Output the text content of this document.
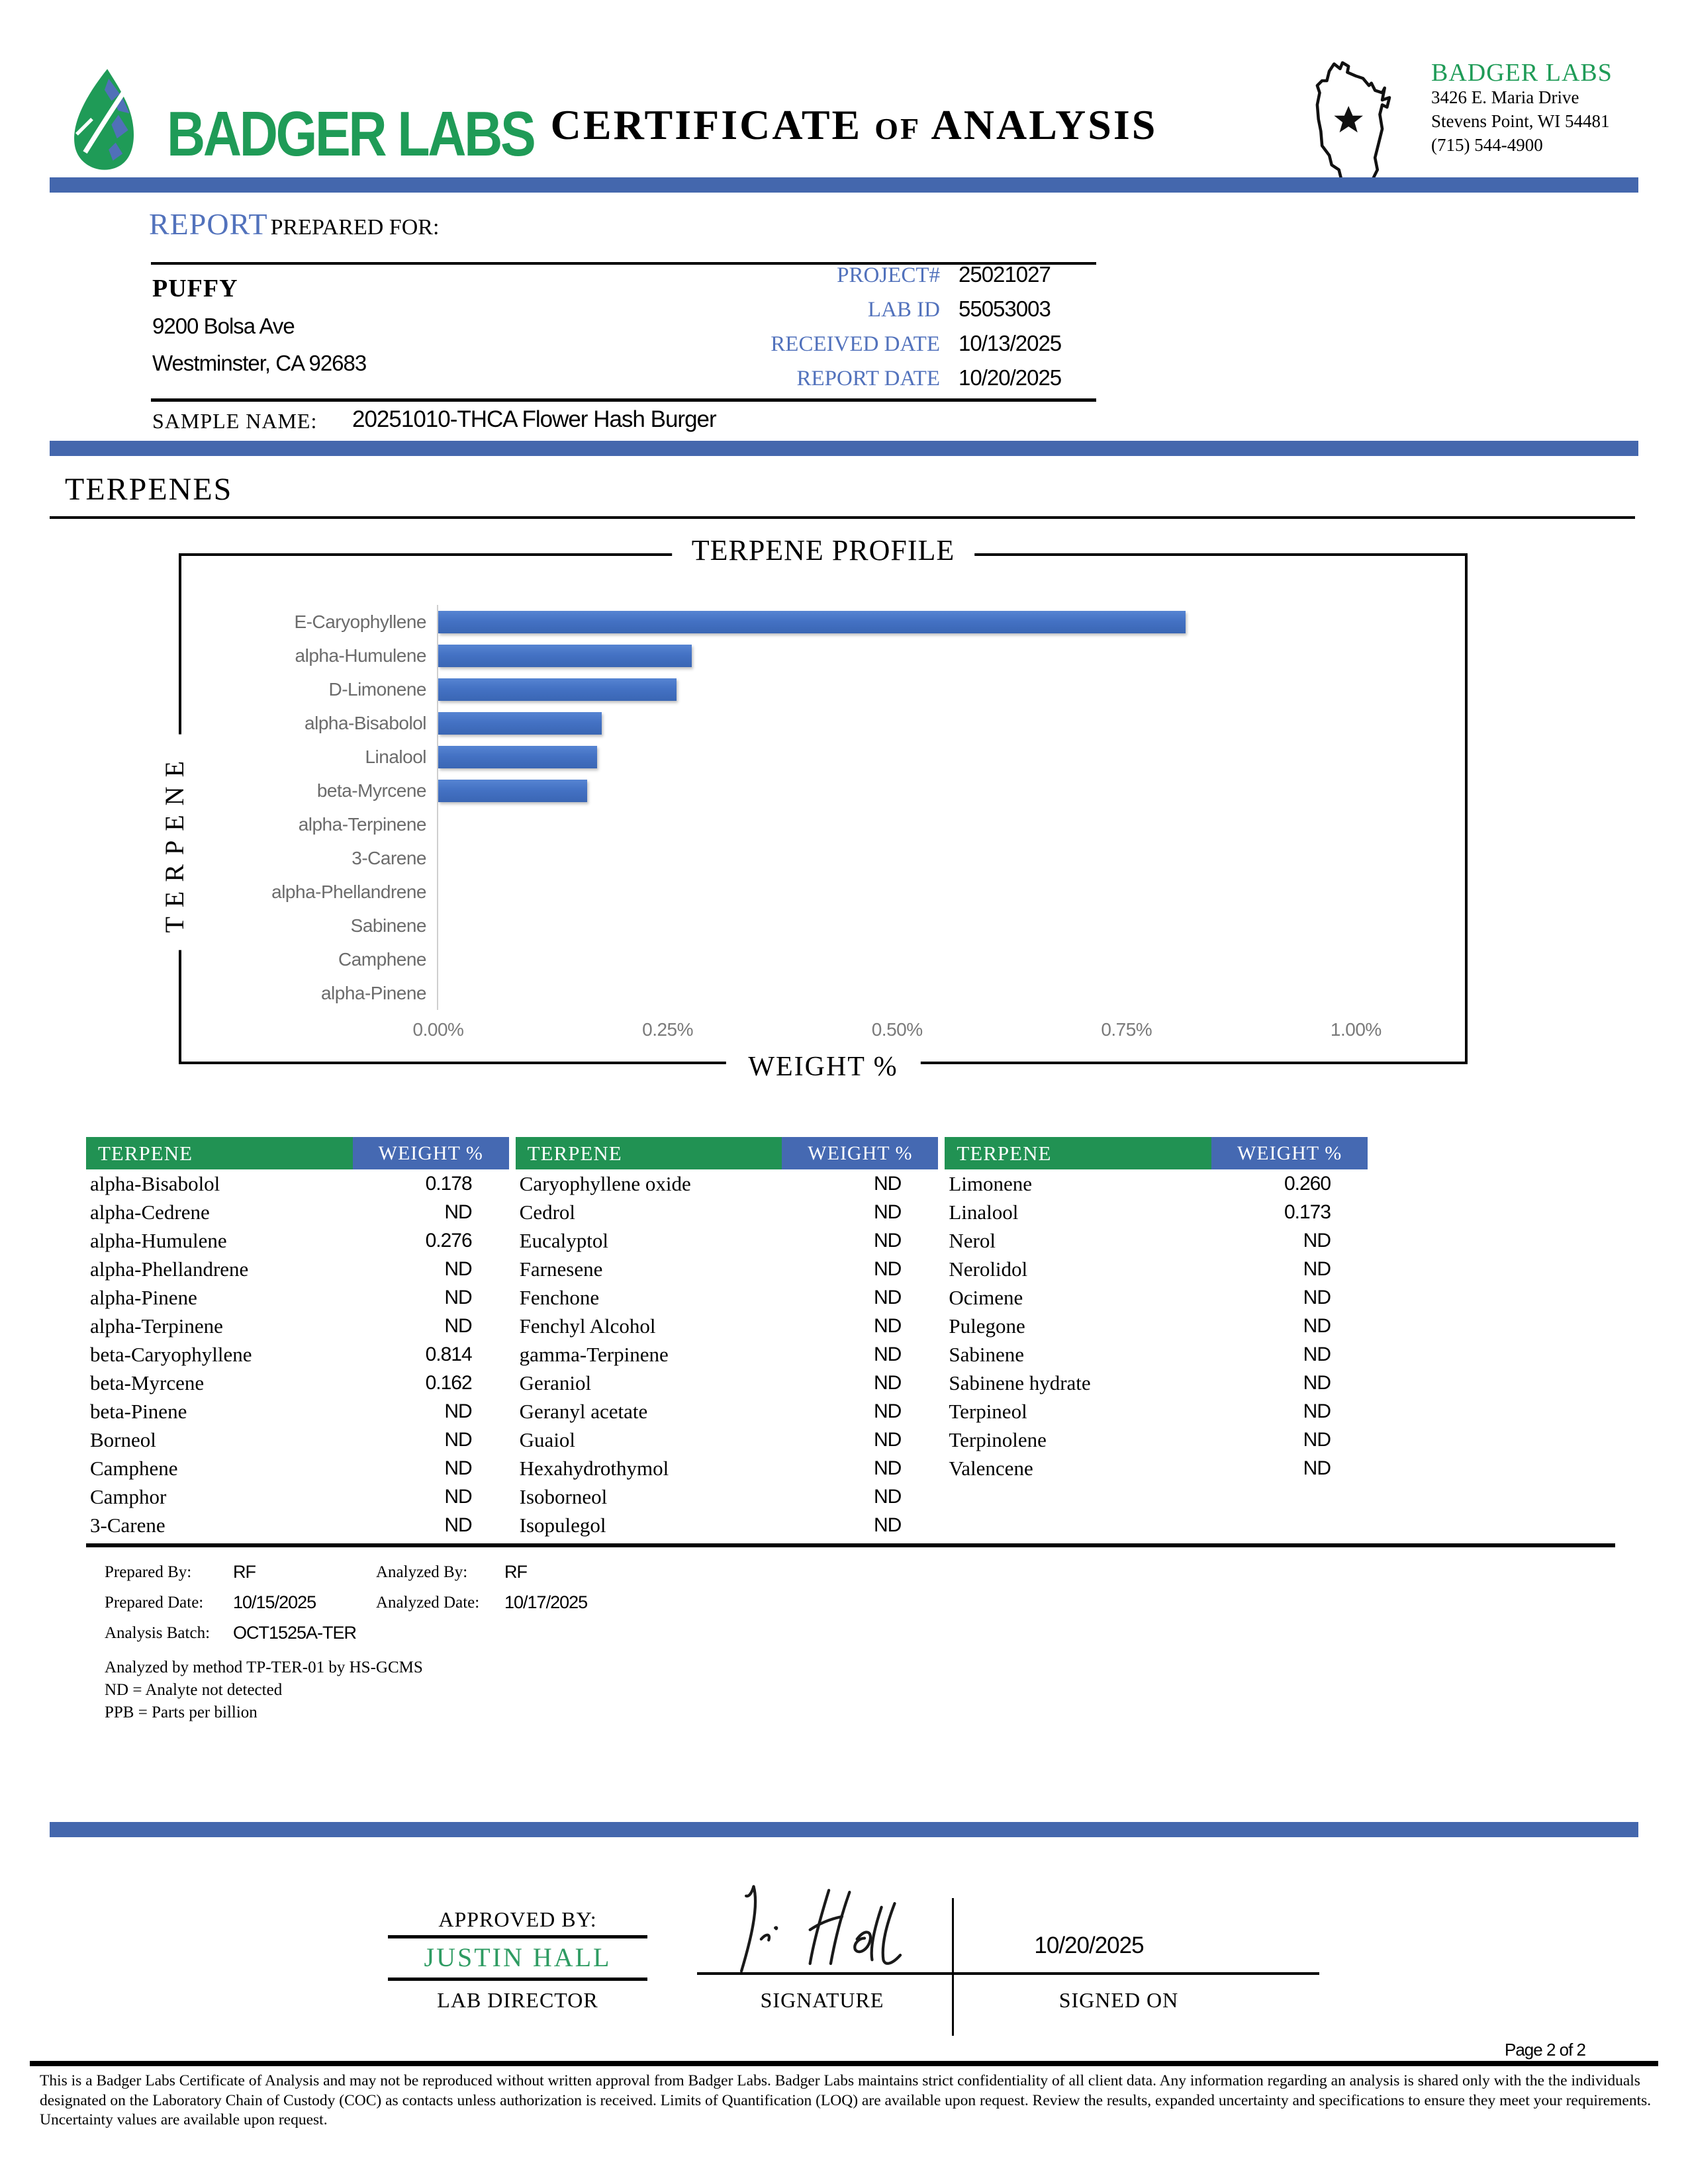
BADGER LABS CERTIFICATE OF ANALYSIS
BADGER LABS
3426 E. Maria Drive
Stevens Point, WI 54481
(715) 544-4900
REPORT PREPARED FOR:
PUFFY
9200 Bolsa Ave
Westminster, CA 92683
PROJECT# 25021027
LAB ID 55053003
RECEIVED DATE 10/13/2025
REPORT DATE 10/20/2025
SAMPLE NAME: 20251010-THCA Flower Hash Burger
TERPENES
TERPENE PROFILE
TERPENE
E-Caryophyllene
alpha-Humulene
D-Limonene
alpha-Bisabolol
Linalool
beta-Myrcene
alpha-Terpinene
3-Carene
alpha-Phellandrene
Sabinene
Camphene
alpha-Pinene
0.00%	0.25%	0.50%	0.75%	1.00%
WEIGHT %
TERPENE	WEIGHT %
alpha-Bisabolol	0.178
alpha-Cedrene	ND
alpha-Humulene	0.276
alpha-Phellandrene	ND
alpha-Pinene	ND
alpha-Terpinene	ND
beta-Caryophyllene	0.814
beta-Myrcene	0.162
beta-Pinene	ND
Borneol	ND
Camphene	ND
Camphor	ND
3-Carene	ND
TERPENE	WEIGHT %
Caryophyllene oxide	ND
Cedrol	ND
Eucalyptol	ND
Farnesene	ND
Fenchone	ND
Fenchyl Alcohol	ND
gamma-Terpinene	ND
Geraniol	ND
Geranyl acetate	ND
Guaiol	ND
Hexahydrothymol	ND
Isoborneol	ND
Isopulegol	ND
TERPENE	WEIGHT %
Limonene	0.260
Linalool	0.173
Nerol	ND
Nerolidol	ND
Ocimene	ND
Pulegone	ND
Sabinene	ND
Sabinene hydrate	ND
Terpineol	ND
Terpinolene	ND
Valencene	ND
Prepared By: RF	Analyzed By: RF
Prepared Date: 10/15/2025	Analyzed Date: 10/17/2025
Analysis Batch: OCT1525A-TER
Analyzed by method TP-TER-01 by HS-GCMS
ND = Analyte not detected
PPB = Parts per billion
APPROVED BY:
JUSTIN HALL
LAB DIRECTOR
10/20/2025
SIGNATURE	SIGNED ON
Page 2 of 2
This is a Badger Labs Certificate of Analysis and may not be reproduced without written approval from Badger Labs. Badger Labs maintains strict confidentiality of all client data. Any information regarding an analysis is shared only with the the individuals designated on the Laboratory Chain of Custody (COC) as contacts unless authorization is received. Limits of Quantification (LOQ) are available upon request. Review the results, expanded uncertainty and specifications to ensure they meet your requirements. Uncertainty values are available upon request.
